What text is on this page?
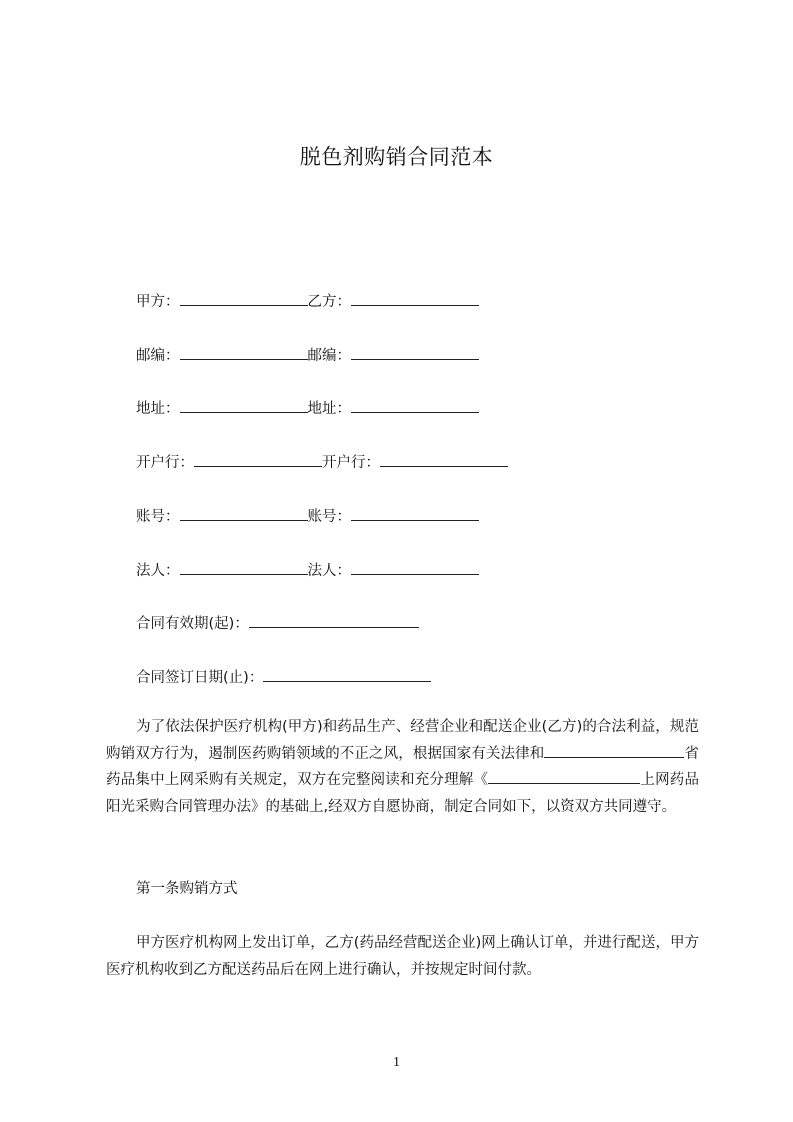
脱色剂购销合同范本
甲方：	乙方：
邮编：	邮编：
地址：	地址：
开户行：	开户行：
账号：	账号：
法人：	法人：
合同有效期(起)：
合同签订日期(止)：
为了依法保护医疗机构(甲方)和药品生产、经营企业和配送企业(乙方)的合法利益，规范购销双方行为，遏制医药购销领域的不正之风，根据国家有关法律和	省药品集中上网采购有关规定，双方在完整阅读和充分理解《	上网药品阳光采购合同管理办法》的基础上,经双方自愿协商，制定合同如下，以资双方共同遵守。
第一条购销方式
甲方医疗机构网上发出订单，乙方(药品经营配送企业)网上确认订单，并进行配送，甲方医疗机构收到乙方配送药品后在网上进行确认，并按规定时间付款。
1
